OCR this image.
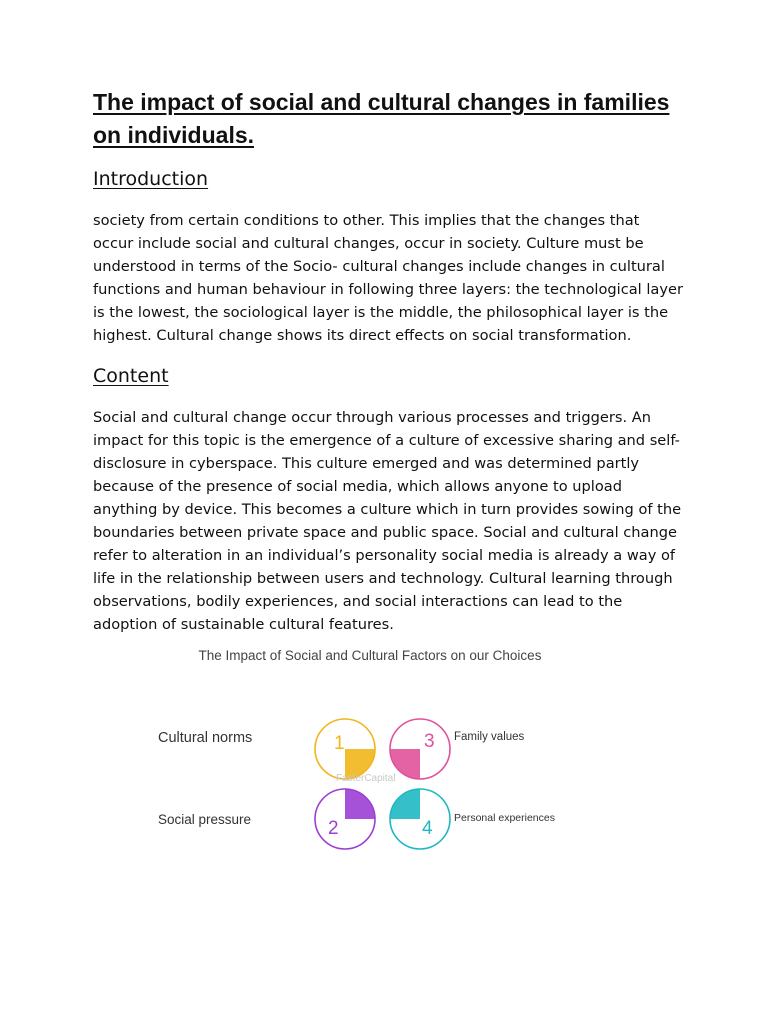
The impact of social and cultural changes in families on individuals.
Introduction

society from certain conditions to other. This implies that the changes that occur include social and cultural changes, occur in society. Culture must be understood in terms of the Socio- cultural changes include changes in cultural functions and human behaviour in following three layers: the technological layer is the lowest, the sociological layer is the middle, the philosophical layer is the highest. Cultural change shows its direct effects on social transformation.

Content

Social and cultural change occur through various processes and triggers. An impact for this topic is the emergence of a culture of excessive sharing and self-disclosure in cyberspace. This culture emerged and was determined partly because of the presence of social media, which allows anyone to upload anything by device. This becomes a culture which in turn provides sowing of the boundaries between private space and public space. Social and cultural change refer to alteration in an individual’s personality social media is already a way of life in the relationship between users and technology. Cultural learning through observations, bodily experiences, and social interactions can lead to the adoption of sustainable cultural features.

The Impact of Social and Cultural Factors on our Choices
Cultural norms
Social pressure
Family values
Personal experiences
1	3
2	4
FasterCapital
